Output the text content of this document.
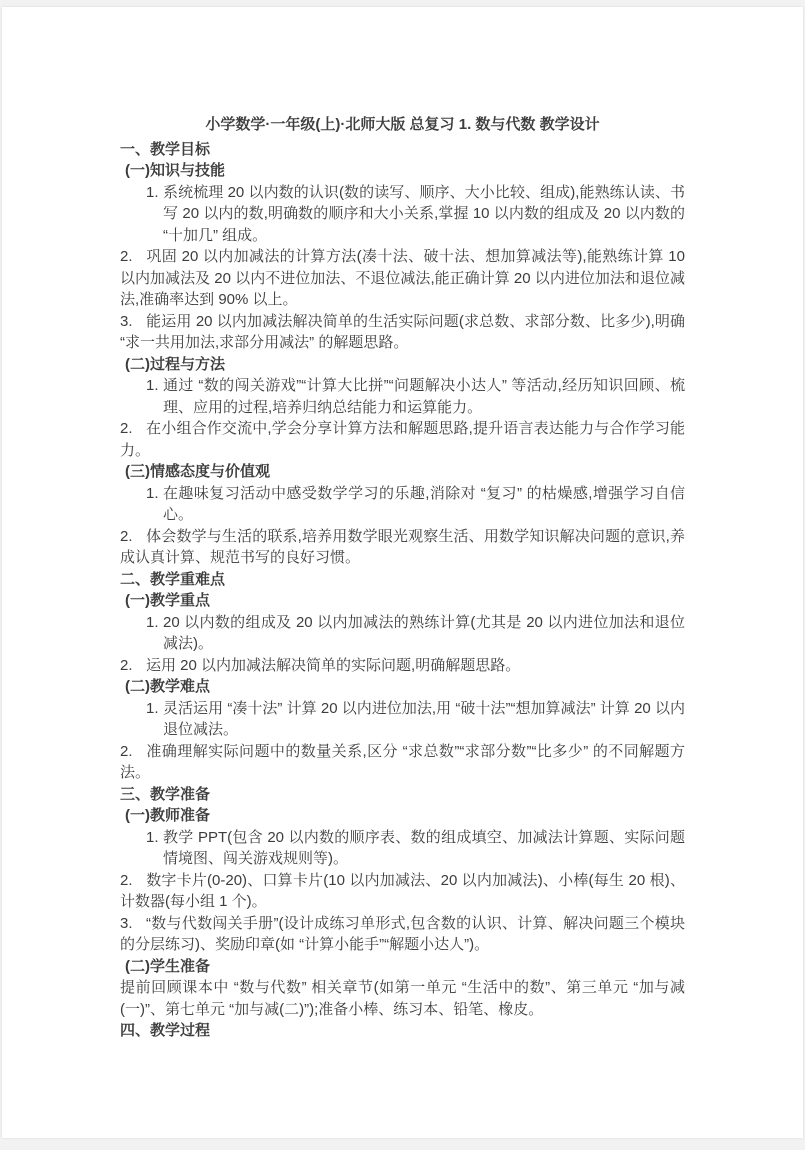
小学数学·一年级(上)·北师大版 总复习 1. 数与代数 教学设计

一、教学目标
(一)知识与技能
1. 系统梳理 20 以内数的认识(数的读写、顺序、大小比较、组成),能熟练认读、书写 20 以内的数,明确数的顺序和大小关系,掌握 10 以内数的组成及 20 以内数的 “十加几” 组成。
2. 巩固 20 以内加减法的计算方法(凑十法、破十法、想加算减法等),能熟练计算 10 以内加减法及 20 以内不进位加法、不退位减法,能正确计算 20 以内进位加法和退位减法,准确率达到 90% 以上。
3. 能运用 20 以内加减法解决简单的生活实际问题(求总数、求部分数、比多少),明确 “求一共用加法,求部分用减法” 的解题思路。
(二)过程与方法
1. 通过 “数的闯关游戏”“计算大比拼”“问题解决小达人” 等活动,经历知识回顾、梳理、应用的过程,培养归纳总结能力和运算能力。
2. 在小组合作交流中,学会分享计算方法和解题思路,提升语言表达能力与合作学习能力。
(三)情感态度与价值观
1. 在趣味复习活动中感受数学学习的乐趣,消除对 “复习” 的枯燥感,增强学习自信心。
2. 体会数学与生活的联系,培养用数学眼光观察生活、用数学知识解决问题的意识,养成认真计算、规范书写的良好习惯。
二、教学重难点
(一)教学重点
1. 20 以内数的组成及 20 以内加减法的熟练计算(尤其是 20 以内进位加法和退位减法)。
2. 运用 20 以内加减法解决简单的实际问题,明确解题思路。
(二)教学难点
1. 灵活运用 “凑十法” 计算 20 以内进位加法,用 “破十法”“想加算减法” 计算 20 以内退位减法。
2. 准确理解实际问题中的数量关系,区分 “求总数”“求部分数”“比多少” 的不同解题方法。
三、教学准备
(一)教师准备
1. 教学 PPT(包含 20 以内数的顺序表、数的组成填空、加减法计算题、实际问题情境图、闯关游戏规则等)。
2. 数字卡片(0-20)、口算卡片(10 以内加减法、20 以内加减法)、小棒(每生 20 根)、计数器(每小组 1 个)。
3. “数与代数闯关手册”(设计成练习单形式,包含数的认识、计算、解决问题三个模块的分层练习)、奖励印章(如 “计算小能手”“解题小达人”)。
(二)学生准备
提前回顾课本中 “数与代数” 相关章节(如第一单元 “生活中的数”、第三单元 “加与减(一)”、第七单元 “加与减(二)”);准备小棒、练习本、铅笔、橡皮。
四、教学过程
